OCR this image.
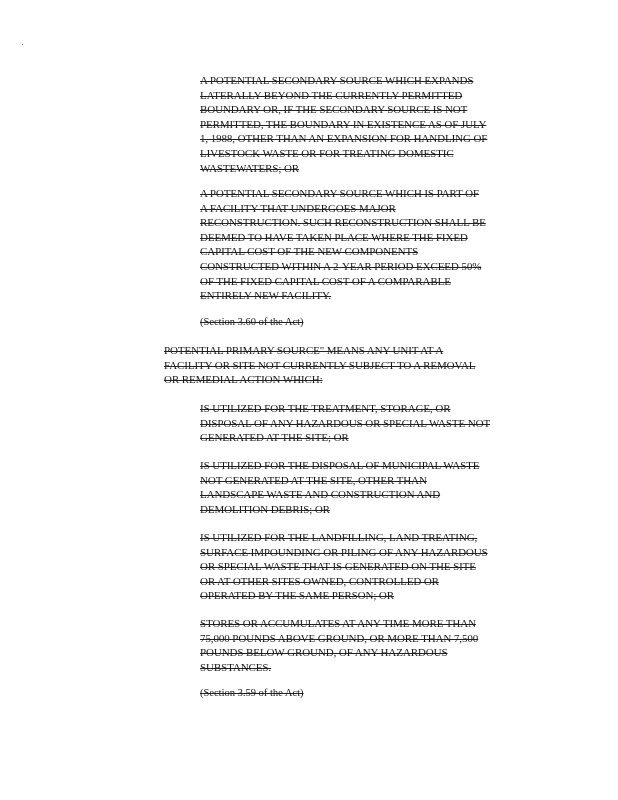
A POTENTIAL SECONDARY SOURCE WHICH EXPANDS
LATERALLY BEYOND THE CURRENTLY PERMITTED
BOUNDARY OR, IF THE SECONDARY SOURCE IS NOT
PERMITTED, THE BOUNDARY IN EXISTENCE AS OF JULY
1, 1988, OTHER THAN AN EXPANSION FOR HANDLING OF
LIVESTOCK WASTE OR FOR TREATING DOMESTIC
WASTEWATERS; OR
A POTENTIAL SECONDARY SOURCE WHICH IS PART OF
A FACILITY THAT UNDERGOES MAJOR
RECONSTRUCTION. SUCH RECONSTRUCTION SHALL BE
DEEMED TO HAVE TAKEN PLACE WHERE THE FIXED
CAPITAL COST OF THE NEW COMPONENTS
CONSTRUCTED WITHIN A 2-YEAR PERIOD EXCEED 50%
OF THE FIXED CAPITAL COST OF A COMPARABLE
ENTIRELY NEW FACILITY.

(Section 3.60 of the Act)

POTENTIAL PRIMARY SOURCE" MEANS ANY UNIT AT A
FACILITY OR SITE NOT CURRENTLY SUBJECT TO A REMOVAL
OR REMEDIAL ACTION WHICH:
IS UTILIZED FOR THE TREATMENT, STORAGE, OR
DISPOSAL OF ANY HAZARDOUS OR SPECIAL WASTE NOT
GENERATED AT THE SITE; OR
IS UTILIZED FOR THE DISPOSAL OF MUNICIPAL WASTE
NOT GENERATED AT THE SITE, OTHER THAN
LANDSCAPE WASTE AND CONSTRUCTION AND
DEMOLITION DEBRIS; OR
IS UTILIZED FOR THE LANDFILLING, LAND TREATING,
SURFACE IMPOUNDING OR PILING OF ANY HAZARDOUS
OR SPECIAL WASTE THAT IS GENERATED ON THE SITE
OR AT OTHER SITES OWNED, CONTROLLED OR
OPERATED BY THE SAME PERSON; OR
STORES OR ACCUMULATES AT ANY TIME MORE THAN
75,000 POUNDS ABOVE GROUND, OR MORE THAN 7,500
POUNDS BELOW GROUND, OF ANY HAZARDOUS
SUBSTANCES.

(Section 3.59 of the Act)
